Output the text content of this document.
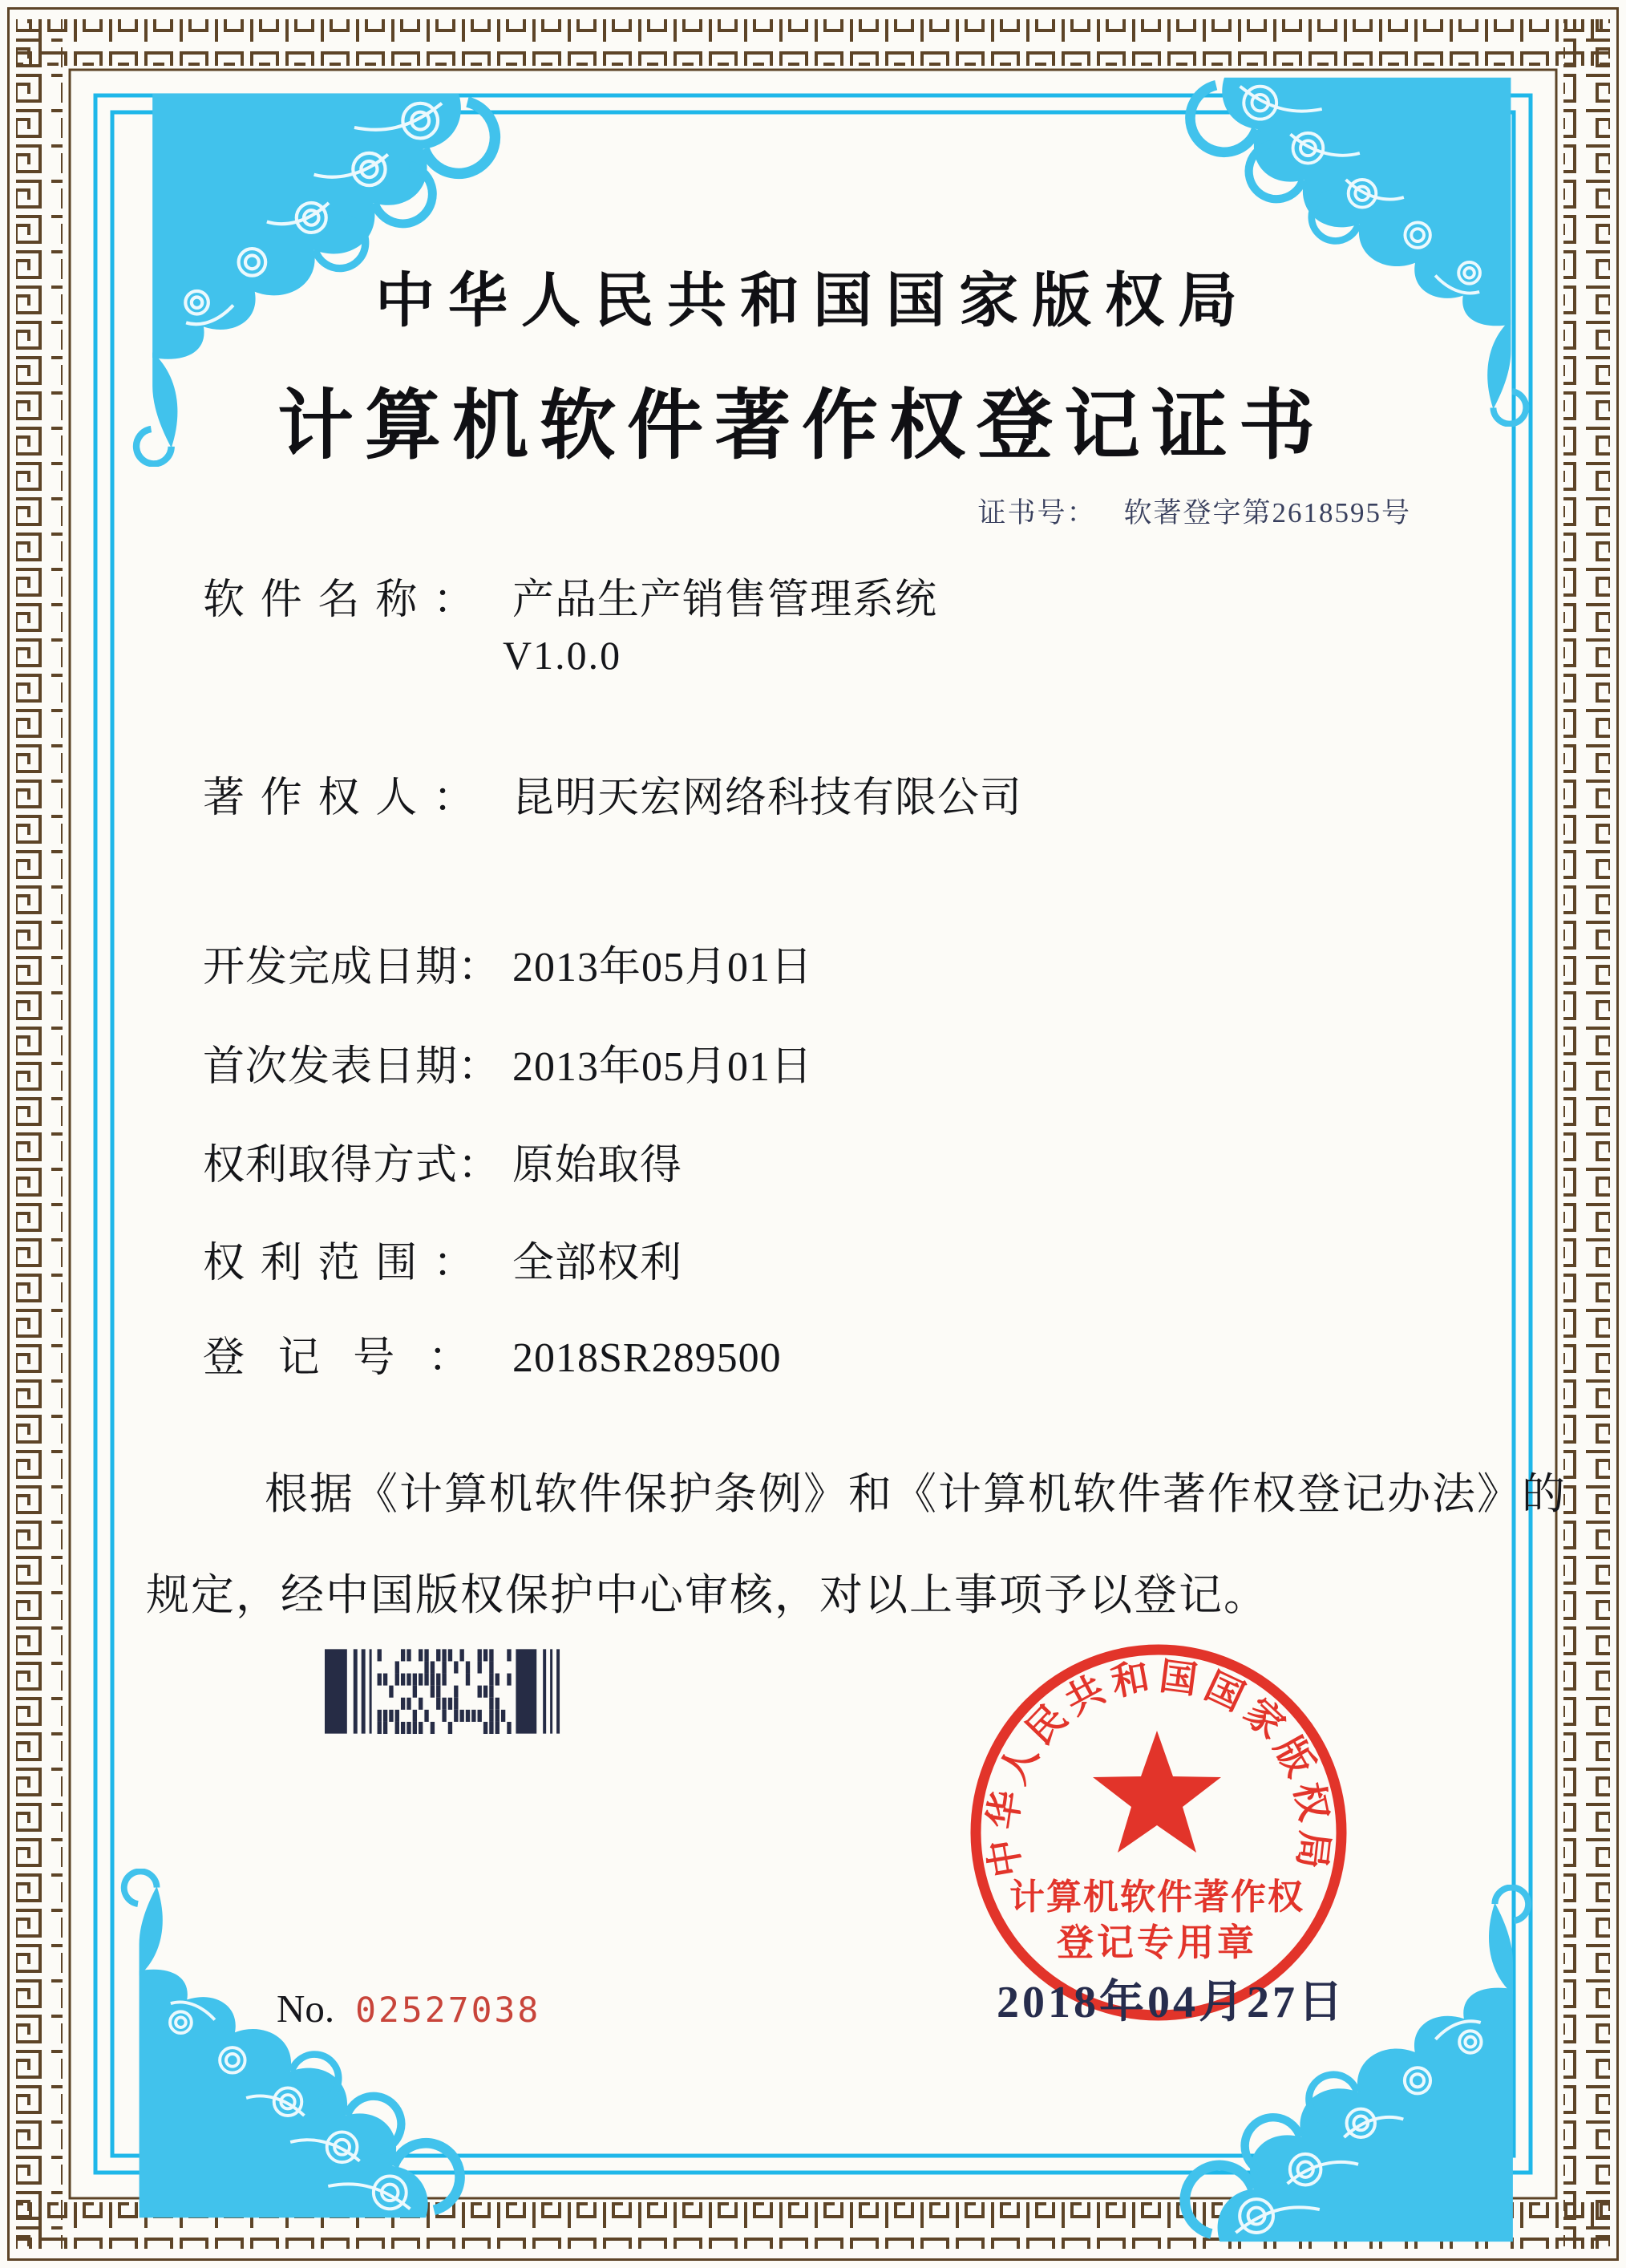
中华人民共和国国家版权局
计算机软件著作权登记证书
证书号： 软著登字第2618595号
软件名称： 产品生产销售管理系统
V1.0.0
著作权人： 昆明天宏网络科技有限公司
开发完成日期： 2013年05月01日
首次发表日期： 2013年05月01日
权利取得方式： 原始取得
权利范围： 全部权利
登记号： 2018SR289500
根据《计算机软件保护条例》和《计算机软件著作权登记办法》的
规定，经中国版权保护中心审核，对以上事项予以登记。
中华人民共和国国家版权局
计算机软件著作权
登记专用章
2018年04月27日
No. 02527038
